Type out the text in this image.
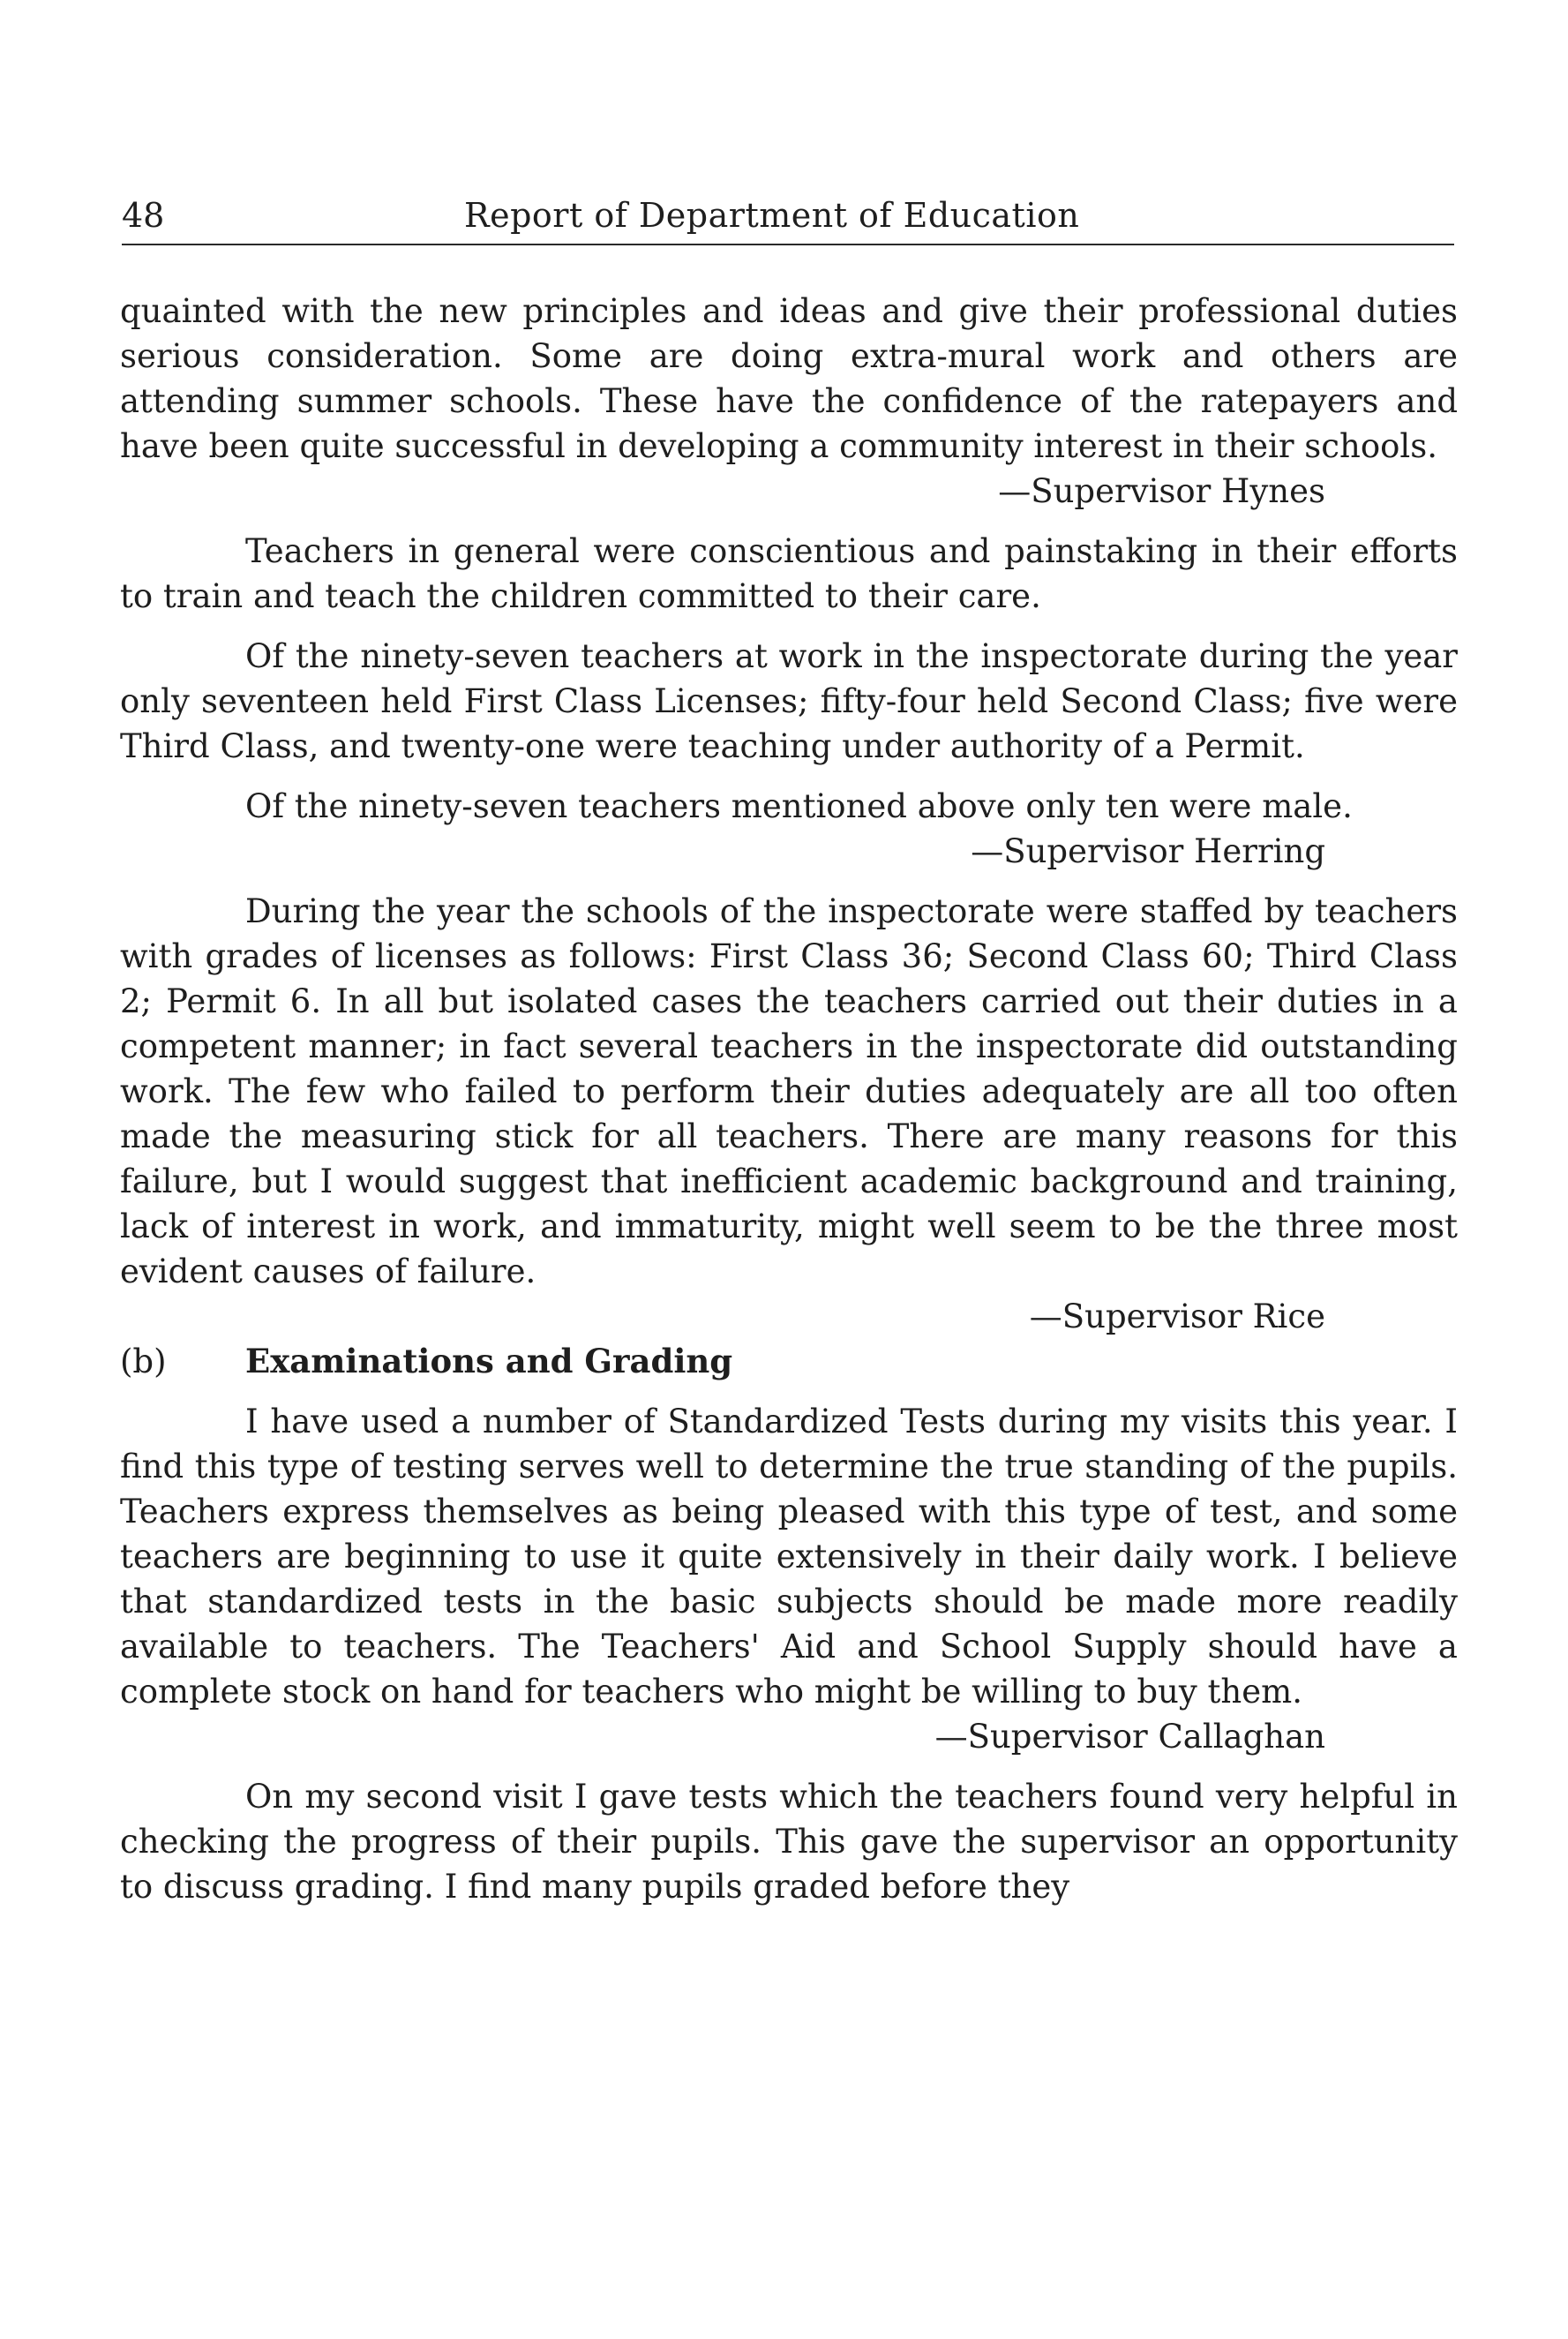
48	Report of Department of Education

quainted with the new principles and ideas and give their professional duties serious consideration. Some are doing extra-mural work and others are attending summer schools. These have the confidence of the ratepayers and have been quite successful in developing a community interest in their schools.

—Supervisor Hynes

Teachers in general were conscientious and painstaking in their efforts to train and teach the children committed to their care.

Of the ninety-seven teachers at work in the inspectorate during the year only seventeen held First Class Licenses; fifty-four held Second Class; five were Third Class, and twenty-one were teaching under authority of a Permit.

Of the ninety-seven teachers mentioned above only ten were male.

—Supervisor Herring

During the year the schools of the inspectorate were staffed by teachers with grades of licenses as follows: First Class 36; Second Class 60; Third Class 2; Permit 6. In all but isolated cases the teachers carried out their duties in a competent manner; in fact several teachers in the inspectorate did outstanding work. The few who failed to perform their duties adequately are all too often made the measuring stick for all teachers. There are many reasons for this failure, but I would suggest that inefficient academic background and training, lack of interest in work, and immaturity, might well seem to be the three most evident causes of failure.

—Supervisor Rice

(b)	Examinations and Grading

I have used a number of Standardized Tests during my visits this year. I find this type of testing serves well to determine the true standing of the pupils. Teachers express themselves as being pleased with this type of test, and some teachers are beginning to use it quite extensively in their daily work. I believe that standardized tests in the basic subjects should be made more readily available to teachers. The Teachers' Aid and School Supply should have a complete stock on hand for teachers who might be willing to buy them.

—Supervisor Callaghan

On my second visit I gave tests which the teachers found very helpful in checking the progress of their pupils. This gave the supervisor an opportunity to discuss grading. I find many pupils graded before they
